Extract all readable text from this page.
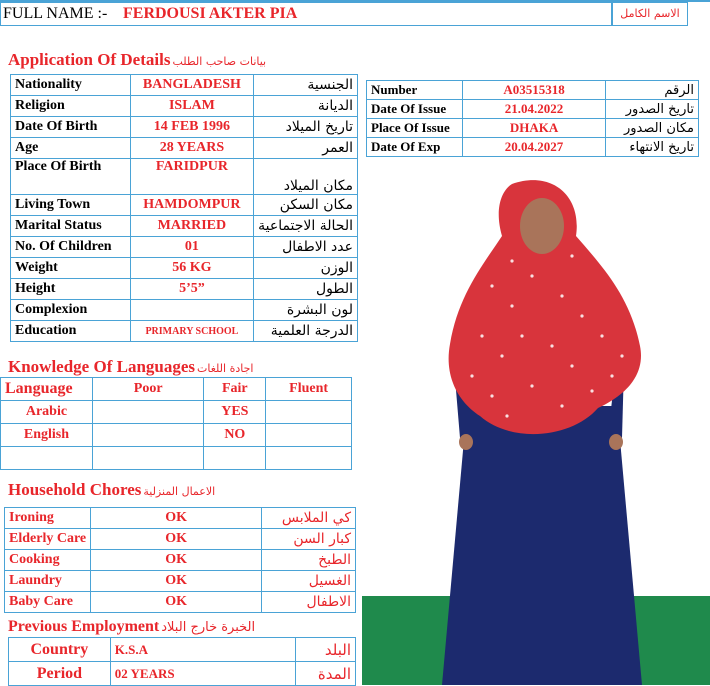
FULL NAME :- FERDOUSI AKTER PIA	الاسم الكامل
Application Of Details بيانات صاحب الطلب
Nationality	BANGLADESH	الجنسية
Religion	ISLAM	الديانة
Date Of Birth	14 FEB 1996	تاريخ الميلاد
Age	28 YEARS	العمر
Place Of Birth	FARIDPUR	مكان الميلاد
Living Town	HAMDOMPUR	مكان السكن
Marital Status	MARRIED	الحالة الاجتماعية
No. Of Children	01	عدد الاطفال
Weight	56 KG	الوزن
Height	5’5”	الطول
Complexion		لون البشرة
Education	PRIMARY SCHOOL	الدرجة العلمية
Number	A03515318	الرقم
Date Of Issue	21.04.2022	تاريخ الصدور
Place Of Issue	DHAKA	مكان الصدور
Date Of Exp	20.04.2027	تاريخ الانتهاء
Knowledge Of Languages اجادة اللغات
Language	Poor	Fair	Fluent
Arabic		YES	
English		NO	

Household Chores الاعمال المنزلية
Ironing	OK	كي الملابس
Elderly Care	OK	كبار السن
Cooking	OK	الطبخ
Laundry	OK	الغسيل
Baby Care	OK	الاطفال
Previous Employment الخبرة خارج البلاد
Country	K.S.A	البلد
Period	02 YEARS	المدة
